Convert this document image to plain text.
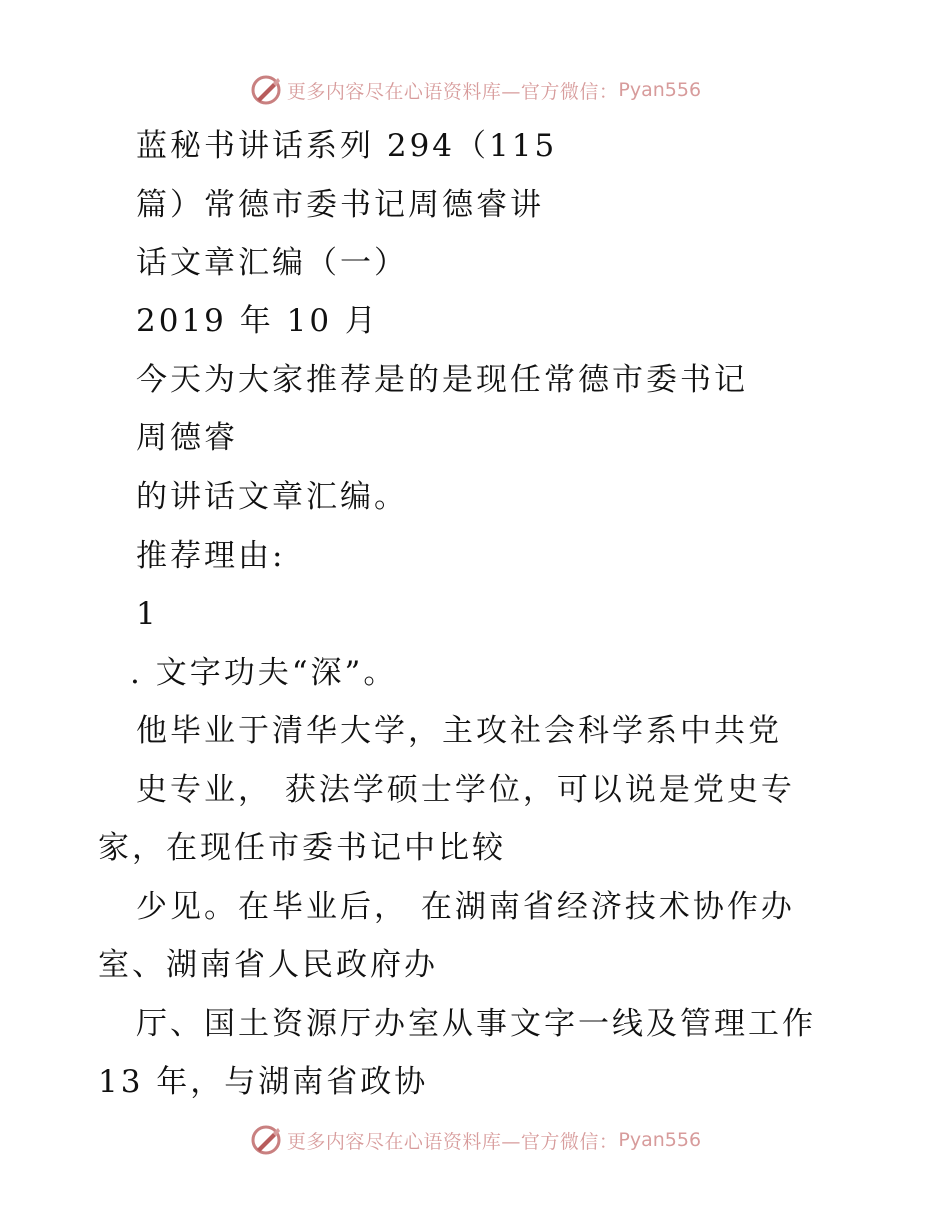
更多内容尽在心语资料库—官方微信： Pyan556
蓝秘书讲话系列 294（115
篇）常德市委书记周德睿讲
话文章汇编（一）
2019 年 10 月
今天为大家推荐是的是现任常德市委书记
周德睿
的讲话文章汇编。
推荐理由:
1
. 文字功夫“深”。
他毕业于清华大学，主攻社会科学系中共党
史专业， 获法学硕士学位，可以说是党史专
家，在现任市委书记中比较
少见。在毕业后， 在湖南省经济技术协作办
室、湖南省人民政府办
厅、国土资源厅办室从事文字一线及管理工作
13 年，与湖南省政协
更多内容尽在心语资料库—官方微信： Pyan556
